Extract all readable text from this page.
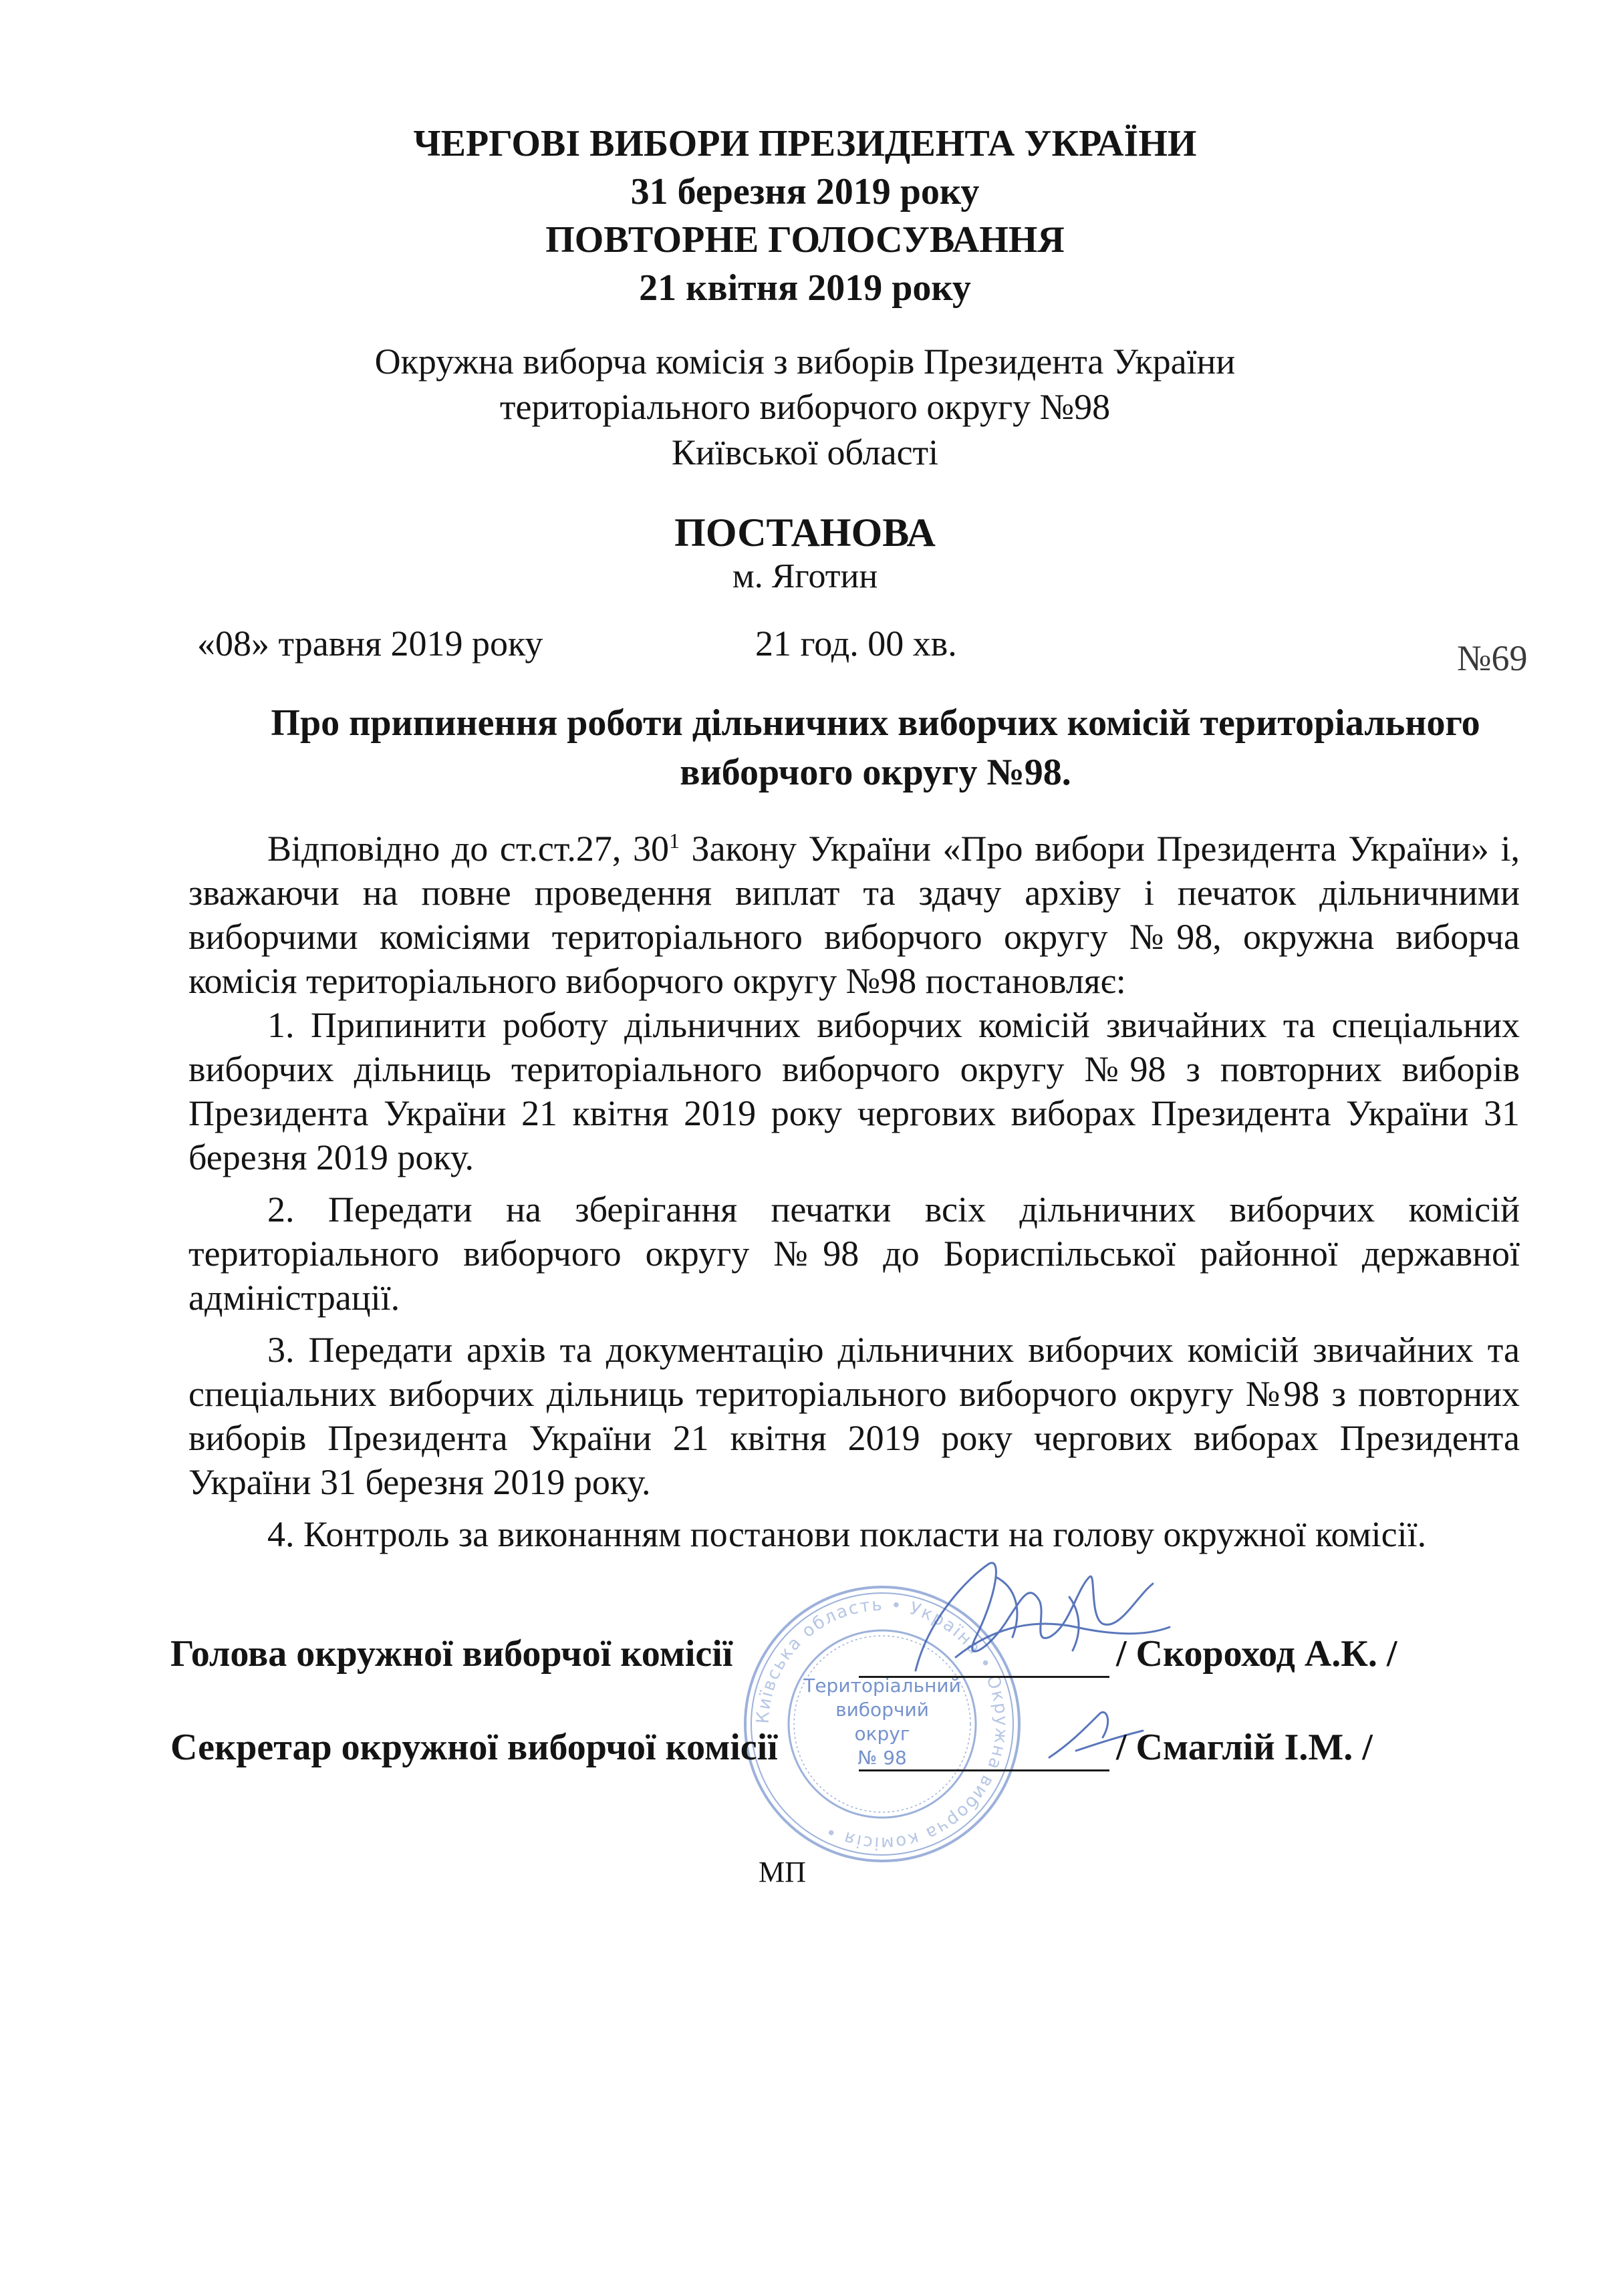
ЧЕРГОВІ ВИБОРИ ПРЕЗИДЕНТА УКРАЇНИ
31 березня 2019 року
ПОВТОРНЕ ГОЛОСУВАННЯ
21 квітня 2019 року
Окружна виборча комісія з виборів Президента України
територіального виборчого округу №98
Київської області
ПОСТАНОВА
м. Яготин
«08» травня 2019 року	21 год. 00 хв.	№69
Про припинення роботи дільничних виборчих комісій територіального
виборчого округу №98.

Відповідно до ст.ст.27, $30^1$ Закону України «Про вибори Президента України» і, зважаючи на повне проведення виплат та здачу архіву і печаток дільничними виборчими комісіями територіального виборчого округу №98, окружна виборча комісія територіального виборчого округу №98 постановляє:

1. Припинити роботу дільничних виборчих комісій звичайних та спеціальних виборчих дільниць територіального виборчого округу №98 з повторних виборів Президента України 21 квітня 2019 року чергових виборах Президента України 31 березня 2019 року.

2. Передати на зберігання печатки всіх дільничних виборчих комісій територіального виборчого округу №98 до Бориспільської районної державної адміністрації.

3. Передати архів та документацію дільничних виборчих комісій звичайних та спеціальних виборчих дільниць територіального виборчого округу №98 з повторних виборів Президента України 21 квітня 2019 року чергових виборах Президента України 31 березня 2019 року.

4. Контроль за виконанням постанови покласти на голову окружної комісії.

Київська область • Україна • Окружна виборча комісія •
Територіальний
виборчий
округ
№ 98
Голова окружної виборчої комісії	/ Скороход А.К. /
Секретар окружної виборчої комісії	/ Смаглій І.М. /
МП
